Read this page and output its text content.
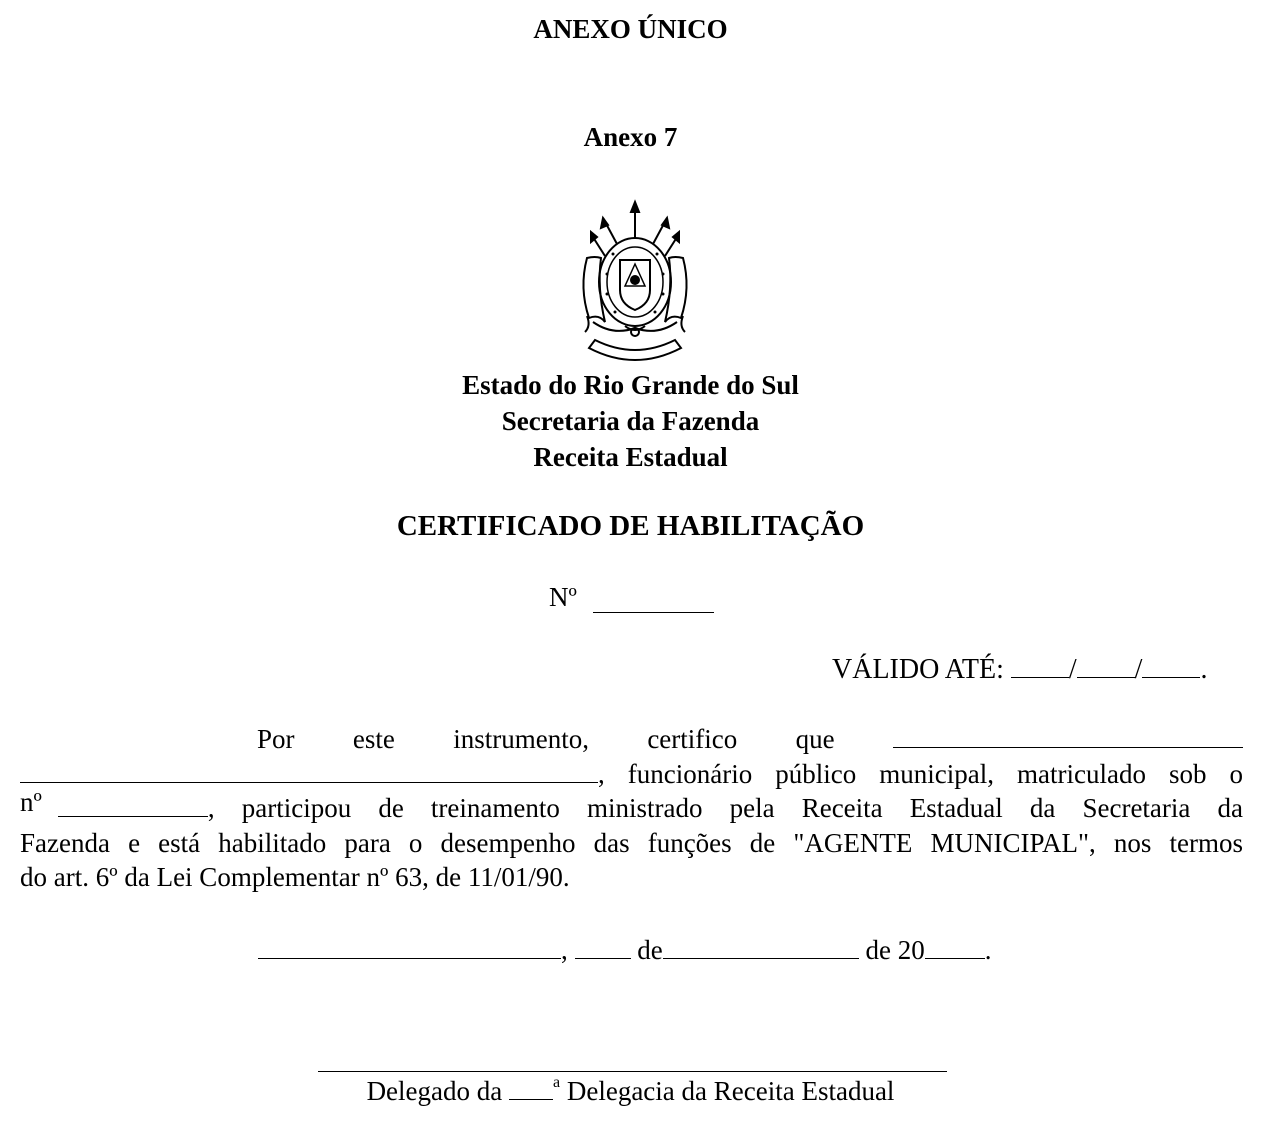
ANEXO ÚNICO
Anexo 7
Estado do Rio Grande do Sul
Secretaria da Fazenda
Receita Estadual
CERTIFICADO DE HABILITAÇÃO
Nº
VÁLIDO ATÉ: / / .
Por este instrumento, certifico que
, funcionário público municipal, matriculado sob o
nº	, participou de treinamento ministrado pela Receita Estadual da Secretaria da
Fazenda e está habilitado para o desempenho das funções de "AGENTE MUNICIPAL", nos termos
do art. 6º da Lei Complementar nº 63, de 11/01/90.
,  de	de 20 .
Delegado da	$^a$ Delegacia da Receita Estadual
